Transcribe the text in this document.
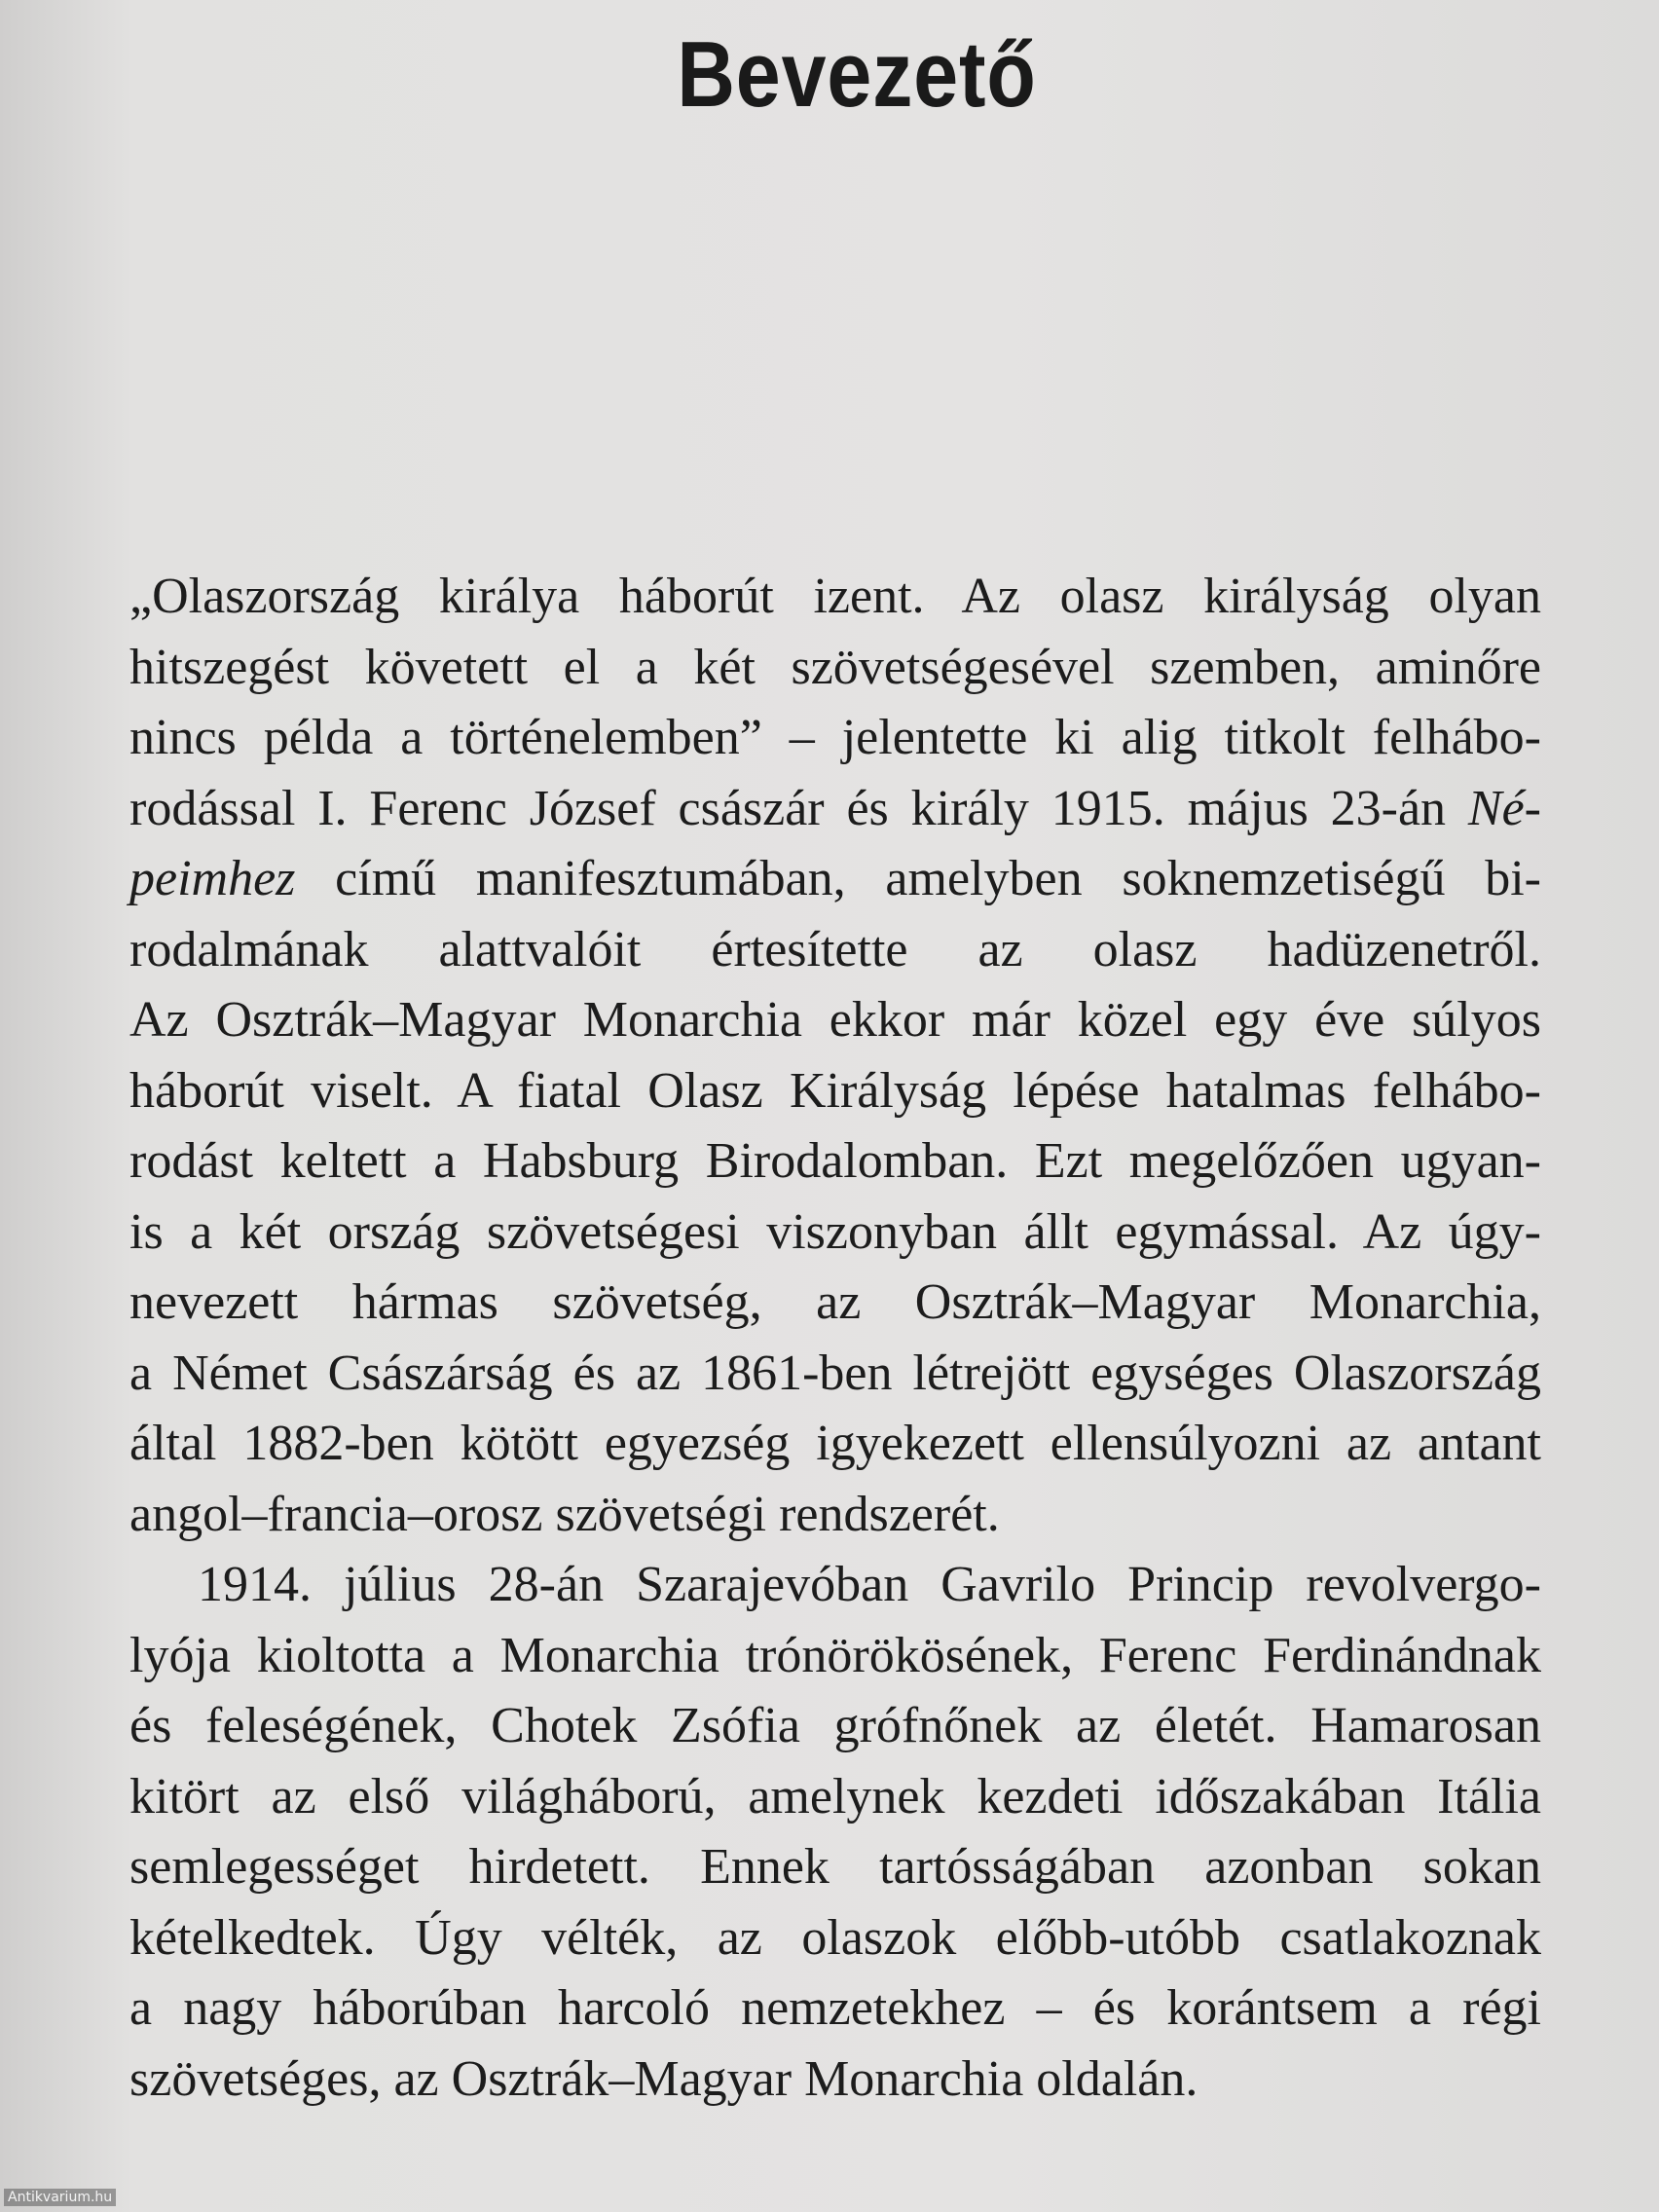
Bevezető
„Olaszország királya háborút izent. Az olasz királyság olyan
hitszegést követett el a két szövetségesével szemben, aminőre
nincs példa a történelemben” – jelentette ki alig titkolt felhábo-
rodással I. Ferenc József császár és király 1915. május 23-án Né-
peimhez című manifesztumában, amelyben soknemzetiségű bi-
rodalmának alattvalóit értesítette az olasz hadüzenetről.
Az Osztrák–Magyar Monarchia ekkor már közel egy éve súlyos
háborút viselt. A fiatal Olasz Királyság lépése hatalmas felhábo-
rodást keltett a Habsburg Birodalomban. Ezt megelőzően ugyan-
is a két ország szövetségesi viszonyban állt egymással. Az úgy-
nevezett hármas szövetség, az Osztrák–Magyar Monarchia,
a Német Császárság és az 1861-ben létrejött egységes Olaszország
által 1882-ben kötött egyezség igyekezett ellensúlyozni az antant
angol–francia–orosz szövetségi rendszerét.
1914. július 28-án Szarajevóban Gavrilo Princip revolvergo-
lyója kioltotta a Monarchia trónörökösének, Ferenc Ferdinándnak
és feleségének, Chotek Zsófia grófnőnek az életét. Hamarosan
kitört az első világháború, amelynek kezdeti időszakában Itália
semlegességet hirdetett. Ennek tartósságában azonban sokan
kételkedtek. Úgy vélték, az olaszok előbb-utóbb csatlakoznak
a nagy háborúban harcoló nemzetekhez – és korántsem a régi
szövetséges, az Osztrák–Magyar Monarchia oldalán.
Antikvarium.hu
